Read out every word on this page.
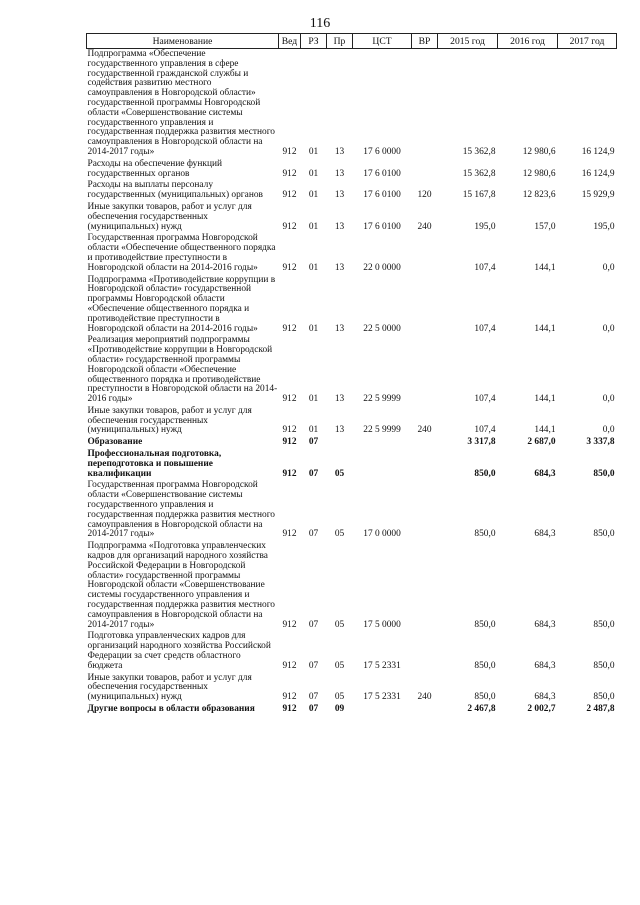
116
Наименование	Вед	РЗ	Пр	ЦСТ	ВР	2015 год	2016 год	2017 год
Подпрограмма «Обеспечение государственного управления в сфере государственной гражданской службы и содействия развитию местного самоуправления в Новгородской области» государственной программы Новгородской области «Совершенствование системы государственного управления и государственная поддержка развития местного самоуправления в Новгородской области на 2014-2017 годы»	912	01	13	17 6 0000		15 362,8	12 980,6	16 124,9
Расходы на обеспечение функций государственных органов	912	01	13	17 6 0100		15 362,8	12 980,6	16 124,9
Расходы на выплаты персоналу государственных (муниципальных) органов	912	01	13	17 6 0100	120	15 167,8	12 823,6	15 929,9
Иные закупки товаров, работ и услуг для обеспечения государственных (муниципальных) нужд	912	01	13	17 6 0100	240	195,0	157,0	195,0
Государственная программа Новгородской области «Обеспечение общественного порядка и противодействие преступности в Новгородской области на 2014-2016 годы»	912	01	13	22 0 0000		107,4	144,1	0,0
Подпрограмма «Противодействие коррупции в Новгородской области» государственной программы Новгородской области «Обеспечение общественного порядка и противодействие преступности в Новгородской области на 2014-2016 годы»	912	01	13	22 5 0000		107,4	144,1	0,0
Реализация мероприятий подпрограммы «Противодействие коррупции в Новгородской области» государственной программы Новгородской области «Обеспечение общественного порядка и противодействие преступности в Новгородской области на 2014-2016 годы»	912	01	13	22 5 9999		107,4	144,1	0,0
Иные закупки товаров, работ и услуг для обеспечения государственных (муниципальных) нужд	912	01	13	22 5 9999	240	107,4	144,1	0,0
Образование	912	07				3 317,8	2 687,0	3 337,8
Профессиональная подготовка, переподготовка и повышение квалификации	912	07	05			850,0	684,3	850,0
Государственная программа Новгородской области «Совершенствование системы государственного управления и государственная поддержка развития местного самоуправления в Новгородской области на 2014-2017 годы»	912	07	05	17 0 0000		850,0	684,3	850,0
Подпрограмма «Подготовка управленческих кадров для организаций народного хозяйства Российской Федерации в Новгородской области» государственной программы Новгородской области «Совершенствование системы государственного управления и государственная поддержка развития местного самоуправления в Новгородской области на 2014-2017 годы»	912	07	05	17 5 0000		850,0	684,3	850,0
Подготовка управленческих кадров для организаций народного хозяйства Российской Федерации за счет средств областного бюджета	912	07	05	17 5 2331		850,0	684,3	850,0
Иные закупки товаров, работ и услуг для обеспечения государственных (муниципальных) нужд	912	07	05	17 5 2331	240	850,0	684,3	850,0
Другие вопросы в области образования	912	07	09			2 467,8	2 002,7	2 487,8
